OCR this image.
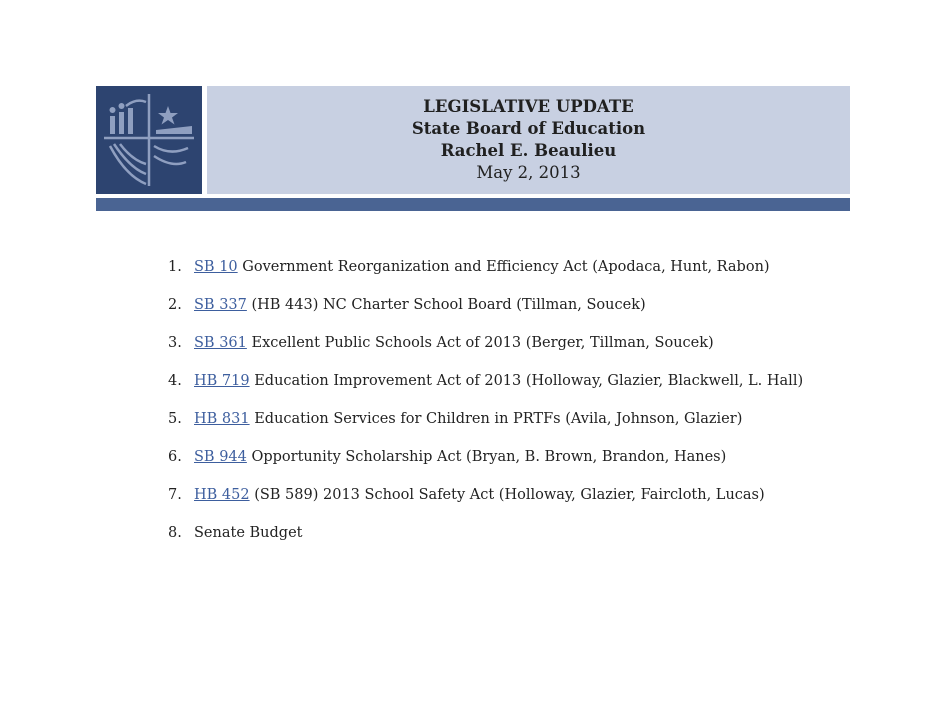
LEGISLATIVE UPDATE
State Board of Education
Rachel E. Beaulieu
May 2, 2013
1. SB 10 Government Reorganization and Efficiency Act (Apodaca, Hunt, Rabon)
2. SB 337 (HB 443) NC Charter School Board (Tillman, Soucek)
3. SB 361 Excellent Public Schools Act of 2013 (Berger, Tillman, Soucek)
4. HB 719 Education Improvement Act of 2013 (Holloway, Glazier, Blackwell, L. Hall)
5. HB 831 Education Services for Children in PRTFs (Avila, Johnson, Glazier)
6. SB 944 Opportunity Scholarship Act (Bryan, B. Brown, Brandon, Hanes)
7. HB 452 (SB 589) 2013 School Safety Act (Holloway, Glazier, Faircloth, Lucas)
8. Senate Budget
